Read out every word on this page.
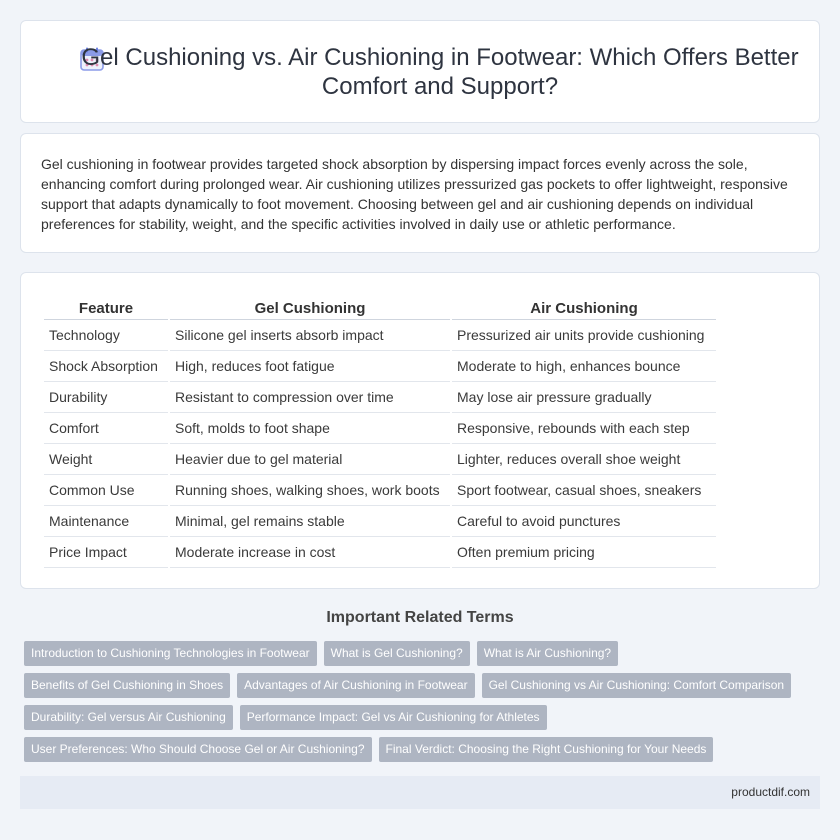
Gel Cushioning vs. Air Cushioning in Footwear: Which Offers Better Comfort and Support?

Gel cushioning in footwear provides targeted shock absorption by dispersing impact forces evenly across the sole, enhancing comfort during prolonged wear. Air cushioning utilizes pressurized gas pockets to offer lightweight, responsive support that adapts dynamically to foot movement. Choosing between gel and air cushioning depends on individual preferences for stability, weight, and the specific activities involved in daily use or athletic performance.

Feature	Gel Cushioning	Air Cushioning
Technology	Silicone gel inserts absorb impact	Pressurized air units provide cushioning
Shock Absorption	High, reduces foot fatigue	Moderate to high, enhances bounce
Durability	Resistant to compression over time	May lose air pressure gradually
Comfort	Soft, molds to foot shape	Responsive, rebounds with each step
Weight	Heavier due to gel material	Lighter, reduces overall shoe weight
Common Use	Running shoes, walking shoes, work boots	Sport footwear, casual shoes, sneakers
Maintenance	Minimal, gel remains stable	Careful to avoid punctures
Price Impact	Moderate increase in cost	Often premium pricing
Important Related Terms
Introduction to Cushioning Technologies in Footwear	What is Gel Cushioning?	What is Air Cushioning?
Benefits of Gel Cushioning in Shoes	Advantages of Air Cushioning in Footwear	Gel Cushioning vs Air Cushioning: Comfort Comparison
Durability: Gel versus Air Cushioning	Performance Impact: Gel vs Air Cushioning for Athletes
User Preferences: Who Should Choose Gel or Air Cushioning?	Final Verdict: Choosing the Right Cushioning for Your Needs
productdif.com
